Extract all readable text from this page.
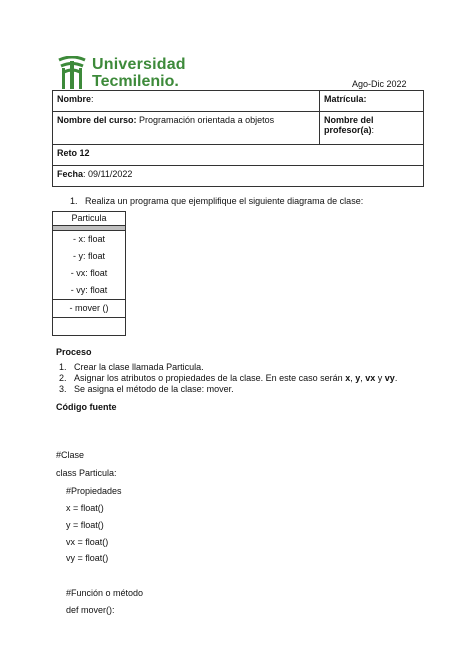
Universidad
Tecmilenio.	Ago-Dic 2022
Nombre:	Matrícula:
Nombre del curso: Programación orientada a objetos	Nombre del profesor(a):
Reto 12	
Fecha: 09/11/2022	
1. Realiza un programa que ejemplifique el siguiente diagrama de clase:
Particula

- x: float
- y: float
- vx: float
- vy: float
- mover ()

Proceso
1. Crear la clase llamada Particula.
2. Asignar los atributos o propiedades de la clase. En este caso serán x, y, vx y vy.
3. Se asigna el método de la clase: mover.
Código fuente
#Clase
class Particula:
#Propiedades
x = float()
y = float()
vx = float()
vy = float()
#Función o método
def mover():
